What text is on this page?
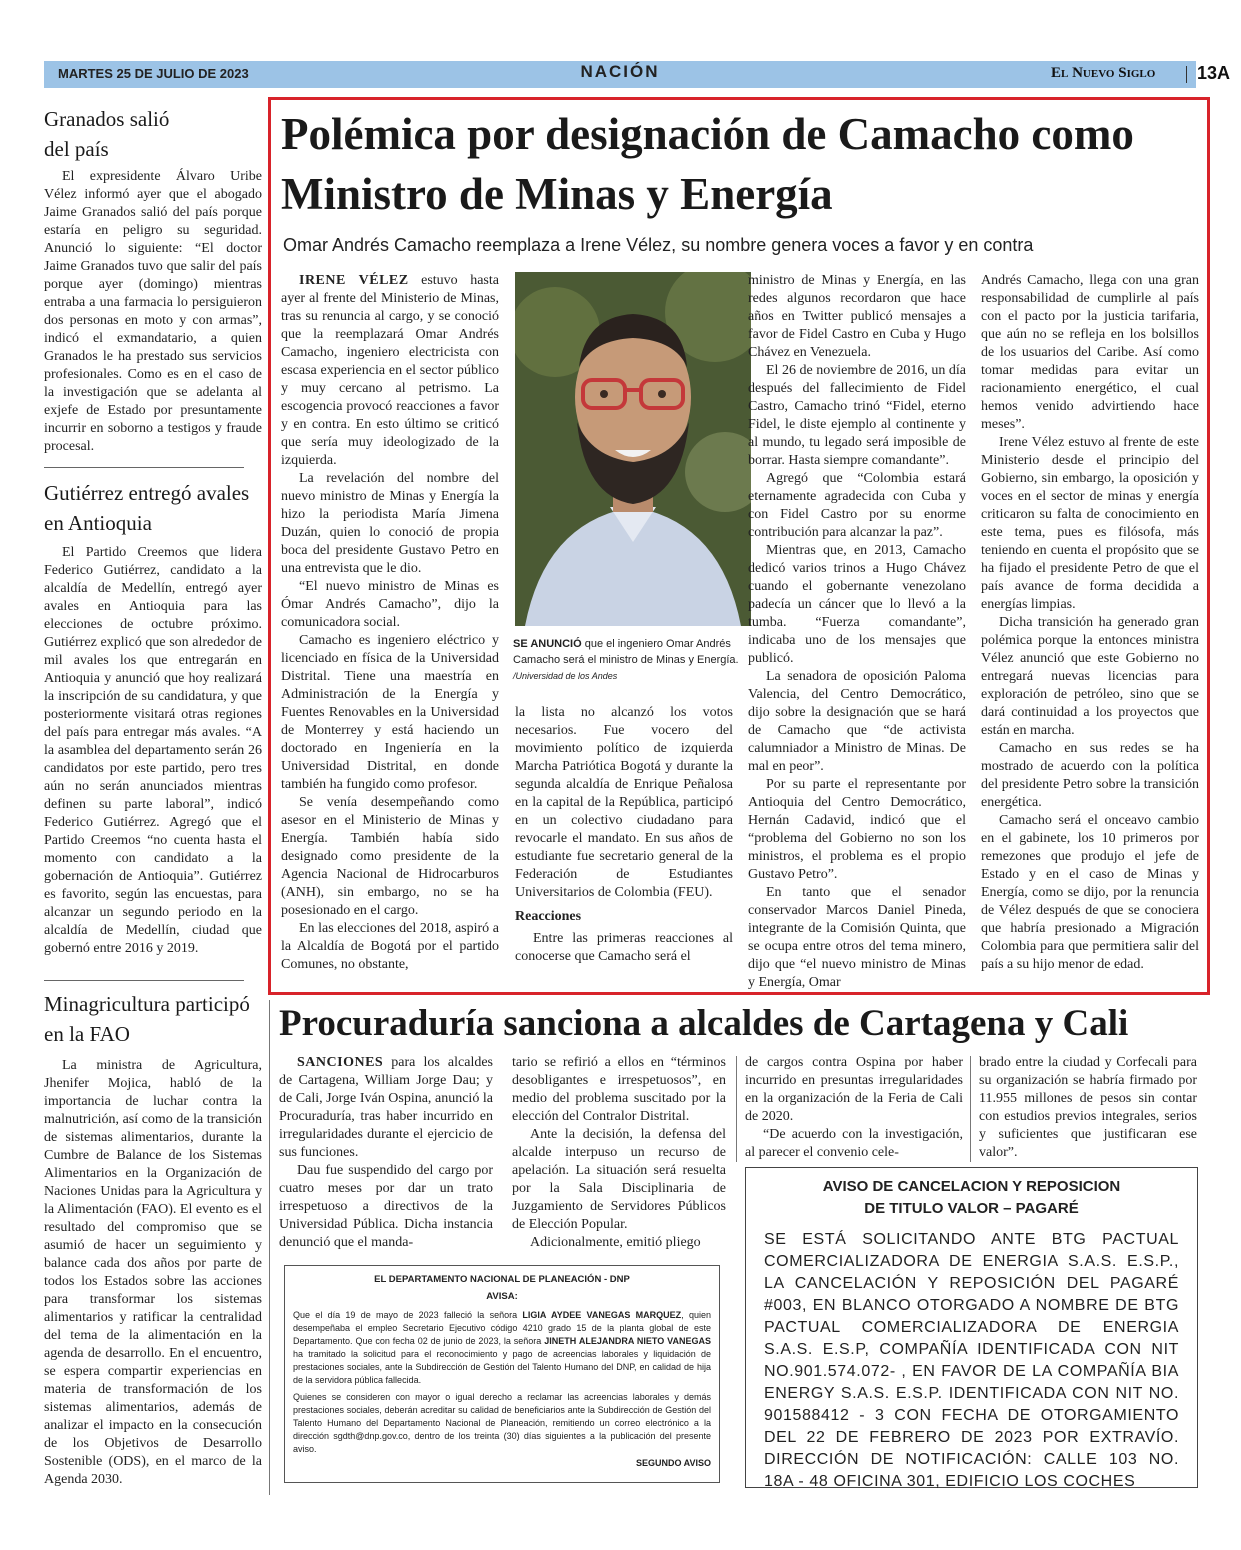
MARTES 25 DE JULIO DE 2023	NACIÓN	El Nuevo Siglo 13A
Granados salió del país

El expresidente Álvaro Uribe Vélez informó ayer que el abogado Jaime Granados salió del país porque estaría en peligro su seguridad. Anunció lo siguiente: “El doctor Jaime Granados tuvo que salir del país porque ayer (domingo) mientras entraba a una farmacia lo persiguieron dos personas en moto y con armas”, indicó el exmandatario, a quien Granados le ha prestado sus servicios profesionales. Como es en el caso de la investigación que se adelanta al exjefe de Estado por presuntamente incurrir en soborno a testigos y fraude procesal.

Gutiérrez entregó avales en Antioquia

El Partido Creemos que lidera Federico Gutiérrez, candidato a la alcaldía de Medellín, entregó ayer avales en Antioquia para las elecciones de octubre próximo. Gutiérrez explicó que son alrededor de mil avales los que entregarán en Antioquia y anunció que hoy realizará la inscripción de su candidatura, y que posteriormente visitará otras regiones del país para entregar más avales. “A la asamblea del departamento serán 26 candidatos por este partido, pero tres aún no serán anunciados mientras definen su parte laboral”, indicó Federico Gutiérrez. Agregó que el Partido Creemos “no cuenta hasta el momento con candidato a la gobernación de Antioquia”. Gutiérrez es favorito, según las encuestas, para alcanzar un segundo periodo en la alcaldía de Medellín, ciudad que gobernó entre 2016 y 2019.

Minagricultura participó en la FAO

La ministra de Agricultura, Jhenifer Mojica, habló de la importancia de luchar contra la malnutrición, así como de la transición de sistemas alimentarios, durante la Cumbre de Balance de los Sistemas Alimentarios en la Organización de Naciones Unidas para la Agricultura y la Alimentación (FAO). El evento es el resultado del compromiso que se asumió de hacer un seguimiento y balance cada dos años por parte de todos los Estados sobre las acciones para transformar los sistemas alimentarios y ratificar la centralidad del tema de la alimentación en la agenda de desarrollo. En el encuentro, se espera compartir experiencias en materia de transformación de los sistemas alimentarios, además de analizar el impacto en la consecución de los Objetivos de Desarrollo Sostenible (ODS), en el marco de la Agenda 2030.

Polémica por designación de Camacho como Ministro de Minas y Energía
Omar Andrés Camacho reemplaza a Irene Vélez, su nombre genera voces a favor y en contra

IRENE VÉLEZ estuvo hasta ayer al frente del Ministerio de Minas, tras su renuncia al cargo, y se conoció que la reemplazará Omar Andrés Camacho, ingeniero electricista con escasa experiencia en el sector público y muy cercano al petrismo. La escogencia provocó reacciones a favor y en contra. En esto último se criticó que sería muy ideologizado de la izquierda.

La revelación del nombre del nuevo ministro de Minas y Energía la hizo la periodista María Jimena Duzán, quien lo conoció de propia boca del presidente Gustavo Petro en una entrevista que le dio.

“El nuevo ministro de Minas es Ómar Andrés Camacho”, dijo la comunicadora social.

Camacho es ingeniero eléctrico y licenciado en física de la Universidad Distrital. Tiene una maestría en Administración de la Energía y Fuentes Renovables en la Universidad de Monterrey y está haciendo un doctorado en Ingeniería en la Universidad Distrital, en donde también ha fungido como profesor.

Se venía desempeñando como asesor en el Ministerio de Minas y Energía. También había sido designado como presidente de la Agencia Nacional de Hidrocarburos (ANH), sin embargo, no se ha posesionado en el cargo.

En las elecciones del 2018, aspiró a la Alcaldía de Bogotá por el partido Comunes, no obstante,

SE ANUNCIÓ que el ingeniero Omar Andrés Camacho será el ministro de Minas y Energía. /Universidad de los Andes

la lista no alcanzó los votos necesarios. Fue vocero del movimiento político de izquierda Marcha Patriótica Bogotá y durante la segunda alcaldía de Enrique Peñalosa en la capital de la República, participó en un colectivo ciudadano para revocarle el mandato. En sus años de estudiante fue secretario general de la Federación de Estudiantes Universitarios de Colombia (FEU).

Reacciones

Entre las primeras reacciones al conocerse que Camacho será el

ministro de Minas y Energía, en las redes algunos recordaron que hace años en Twitter publicó mensajes a favor de Fidel Castro en Cuba y Hugo Chávez en Venezuela.

El 26 de noviembre de 2016, un día después del fallecimiento de Fidel Castro, Camacho trinó “Fidel, eterno Fidel, le diste ejemplo al continente y al mundo, tu legado será imposible de borrar. Hasta siempre comandante”.

Agregó que “Colombia estará eternamente agradecida con Cuba y con Fidel Castro por su enorme contribución para alcanzar la paz”.

Mientras que, en 2013, Camacho dedicó varios trinos a Hugo Chávez cuando el gobernante venezolano padecía un cáncer que lo llevó a la tumba. “Fuerza comandante”, indicaba uno de los mensajes que publicó.

La senadora de oposición Paloma Valencia, del Centro Democrático, dijo sobre la designación que se hará de Camacho que “de activista calumniador a Ministro de Minas. De mal en peor”.

Por su parte el representante por Antioquia del Centro Democrático, Hernán Cadavid, indicó que el “problema del Gobierno no son los ministros, el problema es el propio Gustavo Petro”.

En tanto que el senador conservador Marcos Daniel Pineda, integrante de la Comisión Quinta, que se ocupa entre otros del tema minero, dijo que “el nuevo ministro de Minas y Energía, Omar

Andrés Camacho, llega con una gran responsabilidad de cumplirle al país con el pacto por la justicia tarifaria, que aún no se refleja en los bolsillos de los usuarios del Caribe. Así como tomar medidas para evitar un racionamiento energético, el cual hemos venido advirtiendo hace meses”.

Irene Vélez estuvo al frente de este Ministerio desde el principio del Gobierno, sin embargo, la oposición y voces en el sector de minas y energía criticaron su falta de conocimiento en este tema, pues es filósofa, más teniendo en cuenta el propósito que se ha fijado el presidente Petro de que el país avance de forma decidida a energías limpias.

Dicha transición ha generado gran polémica porque la entonces ministra Vélez anunció que este Gobierno no entregará nuevas licencias para exploración de petróleo, sino que se dará continuidad a los proyectos que están en marcha.

Camacho en sus redes se ha mostrado de acuerdo con la política del presidente Petro sobre la transición energética.

Camacho será el onceavo cambio en el gabinete, los 10 primeros por remezones que produjo el jefe de Estado y en el caso de Minas y Energía, como se dijo, por la renuncia de Vélez después de que se conociera que habría presionado a Migración Colombia para que permitiera salir del país a su hijo menor de edad.

Procuraduría sanciona a alcaldes de Cartagena y Cali

SANCIONES para los alcaldes de Cartagena, William Jorge Dau; y de Cali, Jorge Iván Ospina, anunció la Procuraduría, tras haber incurrido en irregularidades durante el ejercicio de sus funciones.

Dau fue suspendido del cargo por cuatro meses por dar un trato irrespetuoso a directivos de la Universidad Pública. Dicha instancia denunció que el manda-

tario se refirió a ellos en “términos desobligantes e irrespetuosos”, en medio del problema suscitado por la elección del Contralor Distrital.

Ante la decisión, la defensa del alcalde interpuso un recurso de apelación. La situación será resuelta por la Sala Disciplinaria de Juzgamiento de Servidores Públicos de Elección Popular.

Adicionalmente, emitió pliego

de cargos contra Ospina por haber incurrido en presuntas irregularidades en la organización de la Feria de Cali de 2020.

“De acuerdo con la investigación, al parecer el convenio cele-

brado entre la ciudad y Corfecali para su organización se habría firmado por 11.955 millones de pesos sin contar con estudios previos integrales, serios y suficientes que justificaran ese valor”.

EL DEPARTAMENTO NACIONAL DE PLANEACIÓN - DNP
AVISA:

Que el día 19 de mayo de 2023 falleció la señora LIGIA AYDEE VANEGAS MARQUEZ, quien desempeñaba el empleo Secretario Ejecutivo código 4210 grado 15 de la planta global de este Departamento. Que con fecha 02 de junio de 2023, la señora JINETH ALEJANDRA NIETO VANEGAS ha tramitado la solicitud para el reconocimiento y pago de acreencias laborales y liquidación de prestaciones sociales, ante la Subdirección de Gestión del Talento Humano del DNP, en calidad de hija de la servidora pública fallecida.

Quienes se consideren con mayor o igual derecho a reclamar las acreencias laborales y demás prestaciones sociales, deberán acreditar su calidad de beneficiarios ante la Subdirección de Gestión del Talento Humano del Departamento Nacional de Planeación, remitiendo un correo electrónico a la dirección sgdth@dnp.gov.co, dentro de los treinta (30) días siguientes a la publicación del presente aviso.

SEGUNDO AVISO
AVISO DE CANCELACION Y REPOSICION
DE TITULO VALOR – PAGARÉ
SE ESTÁ SOLICITANDO ANTE BTG PACTUAL COMERCIALIZADORA DE ENERGIA S.A.S. E.S.P., LA CANCELACIÓN Y REPOSICIÓN DEL PAGARÉ #003, EN BLANCO OTORGADO A NOMBRE DE BTG PACTUAL COMERCIALIZADORA DE ENERGIA S.A.S. E.S.P, COMPAÑÍA IDENTIFICADA CON NIT NO.901.574.072- , EN FAVOR DE LA COMPAÑÍA BIA ENERGY S.A.S. E.S.P. IDENTIFICADA CON NIT NO. 901588412 - 3 CON FECHA DE OTORGAMIENTO DEL 22 DE FEBRERO DE 2023 POR EXTRAVÍO. DIRECCIÓN DE NOTIFICACIÓN: CALLE 103 NO. 18A - 48 OFICINA 301, EDIFICIO LOS COCHES
